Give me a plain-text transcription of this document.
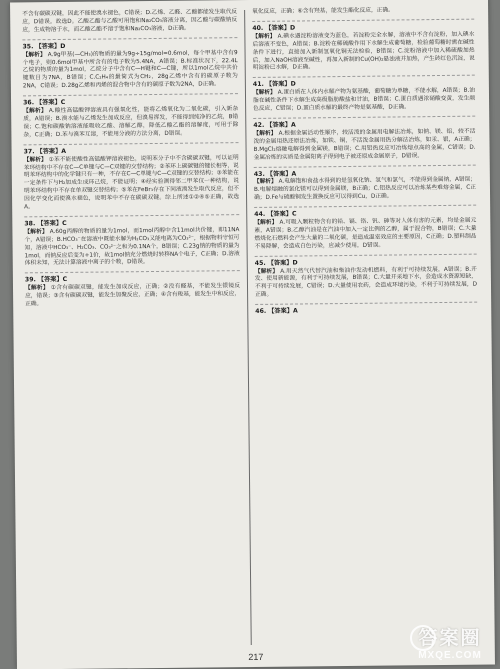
不含有碳碳双键，因此不能使溴水褪色，C错误；D.乙烯、乙醛、乙酸都能发生取代反应，D错误。故选D。乙酸乙酯与乙酸可用饱和Na₂CO₃溶液分离，因乙酸与碳酸钠反应，生成物溶于水，而乙酸乙酯不溶于饱和Na₂CO₃溶液，D正确。
35. 【答案】D
【解析】 A.9g甲基(—CH₃)的物质的量为9g÷15g/mol=0.6mol，每个甲基中含有9个电子，则0.6mol甲基中所含有的电子数为5.4NA，A错误；B.标准状况下，22.4L乙烷的物质的量为1mol，乙烷分子中含有C—H键和C—C键，所以1mol乙烷中共价键数目为7NA，B错误；C.C₂H₄的最简式为CH₂，28g乙烯中含有的碳原子数为2NA，C错误；D.28g乙烯和丙烯的混合物中含有的碳原子数为2NA，D正确。
36. 【答案】C
【解析】 A.酸性高锰酸钾溶液具有强氧化性，能将乙烯氧化为二氧化碳，引入新杂质，A错误；B.溴水能与乙烯发生加成反应，但溴易挥发，不能得到纯净的乙烷，B错误；C.饱和碳酸钠溶液能吸收乙酸、溶解乙醇，降低乙酸乙酯的溶解度，可用于除杂，C正确；D.苯与溴苯互溶，不能用分液的方法分离，D错误。
37. 【答案】A
【解析】 ①苯不能使酸性高锰酸钾溶液褪色，说明苯分子中不含碳碳双键，可以证明苯环结构中不存在C—C单键与C—C双键的交替结构；②苯环上碳碳键的键长相等，说明苯环结构中的化学键只有一种，不存在C—C单键与C—C双键的交替结构；③苯能在一定条件下与H₂加成生成环己烷，不能证明；④经实验测得邻二甲苯仅一种结构，说明苯环结构中不存在单双键交替结构；⑤苯在FeBr₃存在下同液溴发生取代反应，但不因化学变化而使溴水褪色，说明苯中不存在碳碳双键。综上所述①②④⑤正确，故选A。
38. 【答案】C
【解析】 A.60g丙醇的物质的量为1mol，而1mol丙醇中含11mol共价键，即11NA个，A错误；B.HCO₃⁻在溶液中既能水解为H₂CO₃又能电离为CO₃²⁻，根据物料守恒可知，溶液中HCO₃⁻、H₂CO₃、CO₃²⁻之和为0.1NA个，B错误；C.23g钠的物质的量为1mol，而钠反应后变为+1价，故1mol钠充分燃烧时转移NA个电子，C正确；D.溶液体积未知，无法计算溶液中离子的个数，D错误。
39. 【答案】C
【解析】 ①含有碳碳双键，能发生加成反应，正确；②没有醛基，不能发生银镜反应，错误；③含有碳碳双键，能发生加聚反应，正确；④含有羧基，能发生中和反应，正确。
氧化反应，正确；⑥含有羟基，能发生酯化反应，正确。
40. 【答案】D
【解析】 A.碘水遇淀粉溶液变为蓝色，若淀粉完全水解，溶液中不含有淀粉，加入碘水后溶液不变色，A错误；B.淀粉在稀硫酸作用下水解生成葡萄糖，检验葡萄糖时需在碱性条件下进行，直接加入新制氢氧化铜无法检验，B错误；C.淀粉溶液中加入稀硫酸加热后，加入NaOH溶液至碱性，再加入新制的Cu(OH)₂悬浊液并加热，产生砖红色沉淀，说明淀粉已水解，D正确。
41. 【答案】D
【解析】 A.蛋白质在人体内水解产物为氨基酸，葡萄糖为单糖，不能水解，A错误；B.油脂在碱性条件下水解生成高级脂肪酸盐和甘油，B错误；C.蛋白质遇浓硝酸变黄，发生颜色反应，C错误；D.蛋白质水解的最终产物是氨基酸，D正确。
42. 【答案】A
【解析】 A.根据金属活动性顺序，较活泼的金属用电解法冶炼，如钠、镁、铝，较不活泼的金属用热还原法冶炼，如铁、铜，不活泼金属用热分解法冶炼，如汞、银，A正确；B.MgCl₂熔融电解得到金属镁，B错误；C.用铝热反应可冶炼熔点高的金属，C错误；D.金属冶炼的实质是金属阳离子得到电子被还原成金属原子，D错误。
43. 【答案】A
【解析】 A.电解饱和食盐水得到的是氢氧化钠、氢气和氯气，不能得到金属钠，A错误；B.电解熔融的氯化镁可以得到金属镁，B正确；C.铝热反应可以冶炼某些难熔金属，C正确；D.Fe与硫酸铜发生置换反应可以得到Cu，D正确。
44. 【答案】C
【解析】 A.可吸入颗粒物含有的铅、镉、铬、钒、砷等对人体有害的元素，均是金属元素，A错误；B.乙醇汽油是在汽油中加入一定比例的乙醇，属于混合物，B错误；C.大量燃烧化石燃料会产生大量的二氧化碳，是造成温室效应的主要原因，C正确；D.塑料制品不易降解，会造成白色污染，应减少使用，D错误。
45. 【答案】D
【解析】 A.用天然气代替汽油和柴油作发动机燃料，有利于可持续发展，A错误；B.开发、使用新能源，有利于可持续发展，B错误；C.大量开采地下水，会造成水资源短缺，不利于可持续发展，C错误；D.大量使用农药，会造成环境污染，不利于可持续发展，D正确。
46. 【答案】A
217
答案圈
MXQE.COM
